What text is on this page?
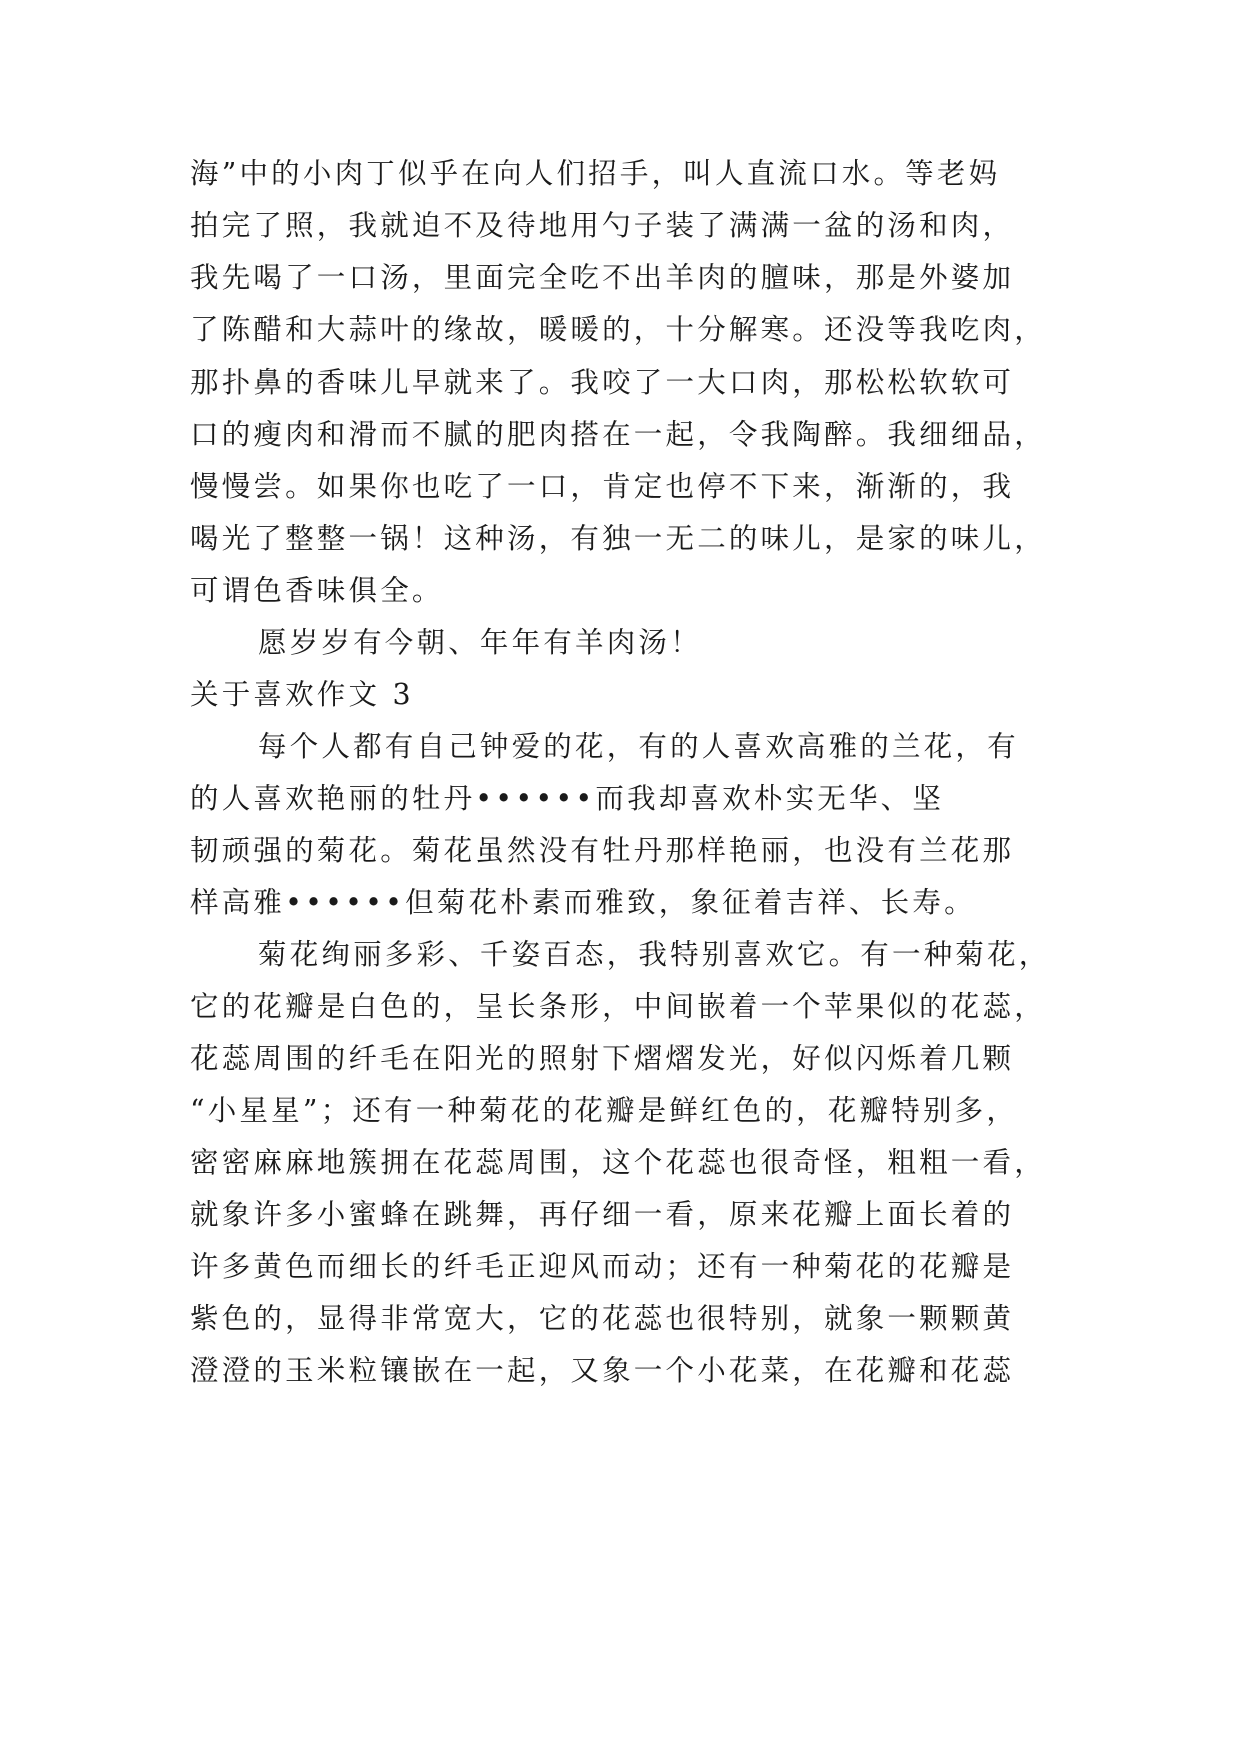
海”中的小肉丁似乎在向人们招手，叫人直流口水。等老妈
拍完了照，我就迫不及待地用勺子装了满满一盆的汤和肉，
我先喝了一口汤，里面完全吃不出羊肉的膻味，那是外婆加
了陈醋和大蒜叶的缘故，暖暖的，十分解寒。还没等我吃肉，
那扑鼻的香味儿早就来了。我咬了一大口肉，那松松软软可
口的瘦肉和滑而不腻的肥肉搭在一起，令我陶醉。我细细品，
慢慢尝。如果你也吃了一口，肯定也停不下来，渐渐的，我
喝光了整整一锅！这种汤，有独一无二的味儿，是家的味儿，
可谓色香味俱全。
愿岁岁有今朝、年年有羊肉汤！
关于喜欢作文 3
每个人都有自己钟爱的花，有的人喜欢高雅的兰花，有
的人喜欢艳丽的牡丹••••••而我却喜欢朴实无华、坚
韧顽强的菊花。菊花虽然没有牡丹那样艳丽，也没有兰花那
样高雅••••••但菊花朴素而雅致，象征着吉祥、长寿。
菊花绚丽多彩、千姿百态，我特别喜欢它。有一种菊花，
它的花瓣是白色的，呈长条形，中间嵌着一个苹果似的花蕊，
花蕊周围的纤毛在阳光的照射下熠熠发光，好似闪烁着几颗
“小星星”；还有一种菊花的花瓣是鲜红色的，花瓣特别多，
密密麻麻地簇拥在花蕊周围，这个花蕊也很奇怪，粗粗一看，
就象许多小蜜蜂在跳舞，再仔细一看，原来花瓣上面长着的
许多黄色而细长的纤毛正迎风而动；还有一种菊花的花瓣是
紫色的，显得非常宽大，它的花蕊也很特别，就象一颗颗黄
澄澄的玉米粒镶嵌在一起，又象一个小花菜，在花瓣和花蕊
